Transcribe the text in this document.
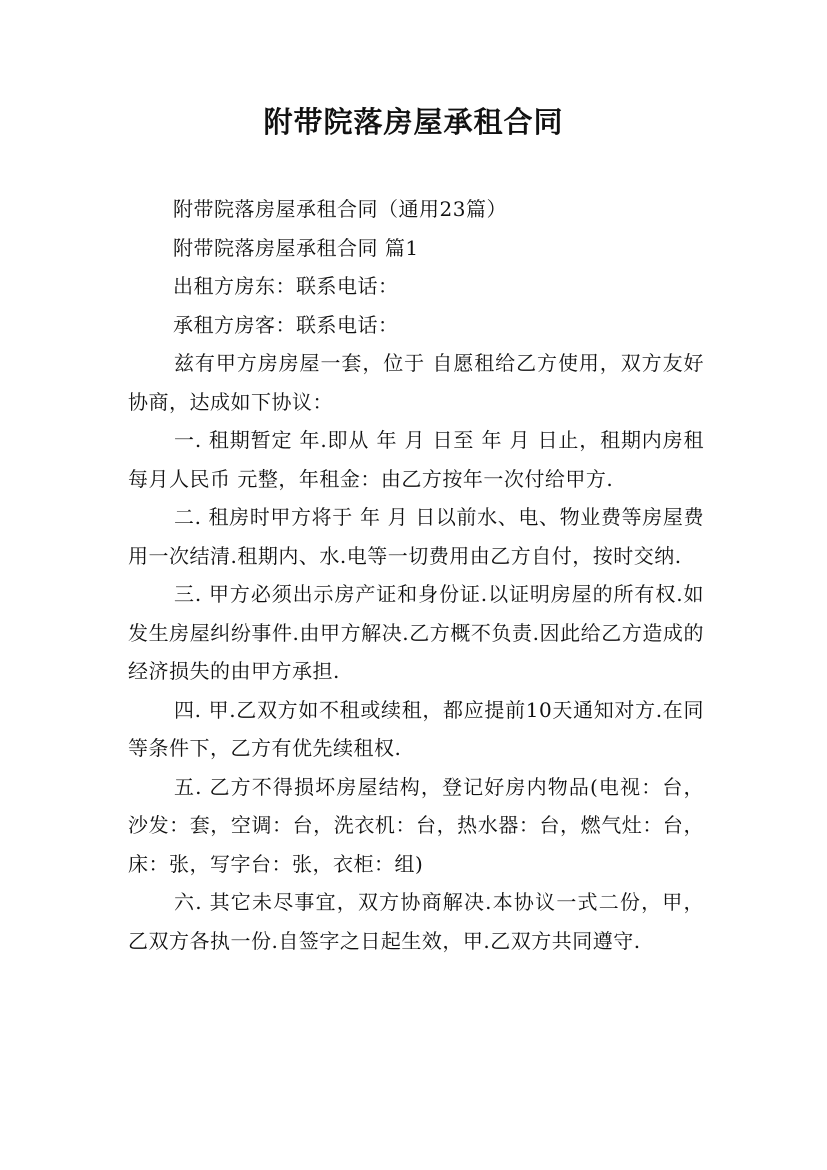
附带院落房屋承租合同

附带院落房屋承租合同（通用23篇）

附带院落房屋承租合同 篇1

出租方房东：联系电话：

承租方房客：联系电话：

兹有甲方房房屋一套，位于 自愿租给乙方使用，双方友好协商，达成如下协议：

一. 租期暂定 年.即从 年 月 日至 年 月 日止，租期内房租每月人民币 元整，年租金：由乙方按年一次付给甲方.

二. 租房时甲方将于 年 月 日以前水、电、物业费等房屋费用一次结清.租期内、水.电等一切费用由乙方自付，按时交纳.

三. 甲方必须出示房产证和身份证.以证明房屋的所有权.如发生房屋纠纷事件.由甲方解决.乙方概不负责.因此给乙方造成的经济损失的由甲方承担.

四. 甲.乙双方如不租或续租，都应提前10天通知对方.在同等条件下，乙方有优先续租权.

五. 乙方不得损坏房屋结构，登记好房内物品(电视：台，沙发：套，空调：台，洗衣机：台，热水器：台，燃气灶：台，床：张，写字台：张，衣柜：组)

六. 其它未尽事宜，双方协商解决.本协议一式二份，甲，乙双方各执一份.自签字之日起生效，甲.乙双方共同遵守.
